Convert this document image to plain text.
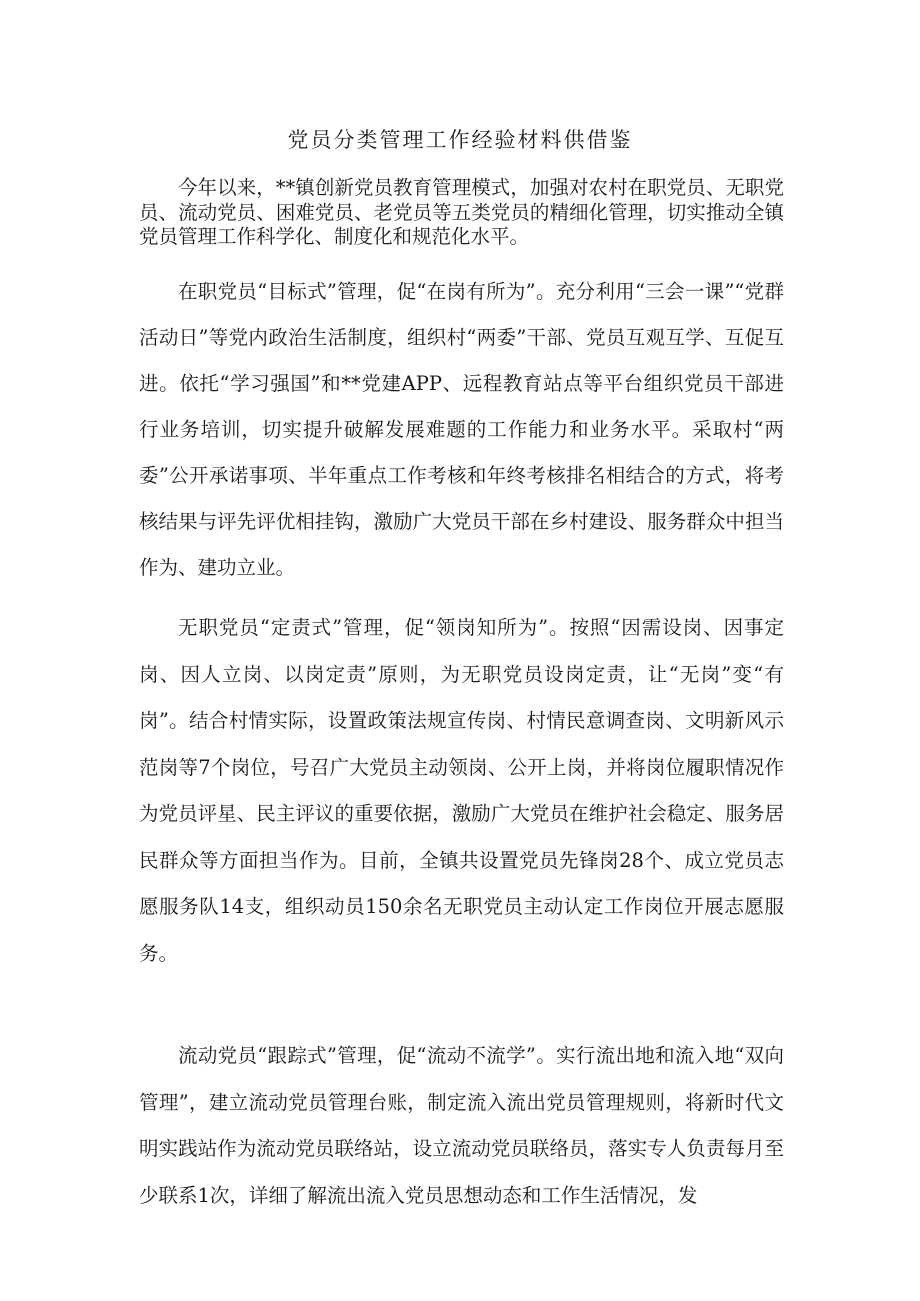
党员分类管理工作经验材料供借鉴

今年以来，**镇创新党员教育管理模式，加强对农村在职党员、无职党员、流动党员、困难党员、老党员等五类党员的精细化管理，切实推动全镇党员管理工作科学化、制度化和规范化水平。

在职党员“目标式”管理，促“在岗有所为”。充分利用“三会一课”“党群活动日”等党内政治生活制度，组织村“两委”干部、党员互观互学、互促互进。依托“学习强国”和**党建APP、远程教育站点等平台组织党员干部进行业务培训，切实提升破解发展难题的工作能力和业务水平。采取村“两委”公开承诺事项、半年重点工作考核和年终考核排名相结合的方式，将考核结果与评先评优相挂钩，激励广大党员干部在乡村建设、服务群众中担当作为、建功立业。

无职党员“定责式”管理，促“领岗知所为”。按照“因需设岗、因事定岗、因人立岗、以岗定责”原则，为无职党员设岗定责，让“无岗”变“有岗”。结合村情实际，设置政策法规宣传岗、村情民意调查岗、文明新风示范岗等7个岗位，号召广大党员主动领岗、公开上岗，并将岗位履职情况作为党员评星、民主评议的重要依据，激励广大党员在维护社会稳定、服务居民群众等方面担当作为。目前，全镇共设置党员先锋岗28个、成立党员志愿服务队14支，组织动员150余名无职党员主动认定工作岗位开展志愿服务。

流动党员“跟踪式”管理，促“流动不流学”。实行流出地和流入地“双向管理”，建立流动党员管理台账，制定流入流出党员管理规则，将新时代文明实践站作为流动党员联络站，设立流动党员联络员，落实专人负责每月至少联系1次，详细了解流出流入党员思想动态和工作生活情况，发
